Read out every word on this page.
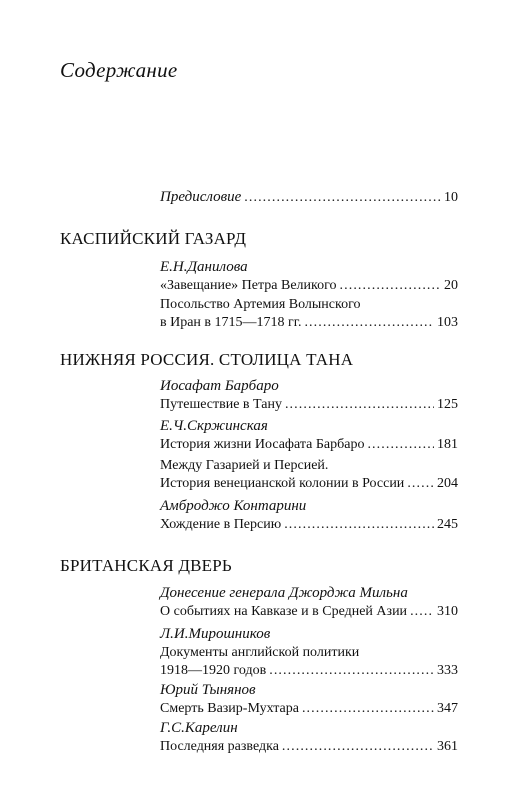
Содержание
Предисловие . . .	10
КАСПИЙСКИЙ ГАЗАРД
Е.Н.Данилова
«Завещание» Петра Великого . . .	20
Посольство Артемия Волынского
в Иран в 1715—1718 гг. . . .	103
НИЖНЯЯ РОССИЯ. СТОЛИЦА ТАНА
Иосафат Барбаро
Путешествие в Тану . . .	125
Е.Ч.Скржинская
История жизни Иосафата Барбаро . . .	181
Между Газарией и Персией.
История венецианской колонии в России . . . 204
Амброджо Контарини
Хождение в Персию . . .	245
БРИТАНСКАЯ ДВЕРЬ
Донесение генерала Джорджа Мильна
О событиях на Кавказе и в Средней Азии . . . 310
Л.И.Мирошников
Документы английской политики
1918—1920 годов . . .	333
Юрий Тынянов
Смерть Вазир-Мухтара . . .	347
Г.С.Карелин
Последняя разведка . . .	361
